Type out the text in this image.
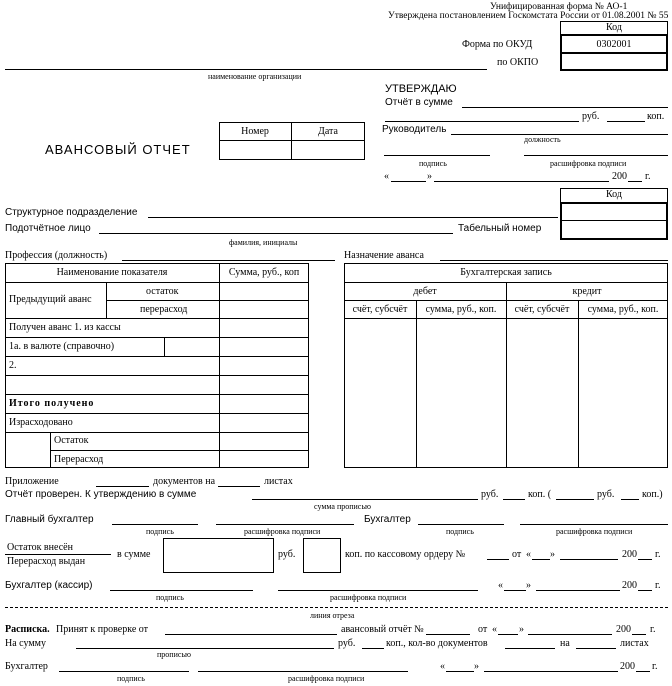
Унифицированная форма № АО-1
Утверждена постановлением Госкомстата России от 01.08.2001 № 55
Код
0302001
Форма по ОКУД
по ОКПО
наименование организации
УТВЕРЖДАЮ
Отчёт в сумме
руб.	коп.
Руководитель
должность
подпись	расшифровка подписи
«	»	200 г.
АВАНСОВЫЙ ОТЧЕТ
Номер	Дата
Код
Структурное подразделение
Подотчётное лицо	Табельный номер
фамилия, инициалы
Профессия (должность)	Назначение аванса
Наименование показателя	Сумма, руб., коп
Предыдущий аванс
остаток
перерасход
Получен аванс 1. из кассы
1а. в валюте (справочно)
2.
Итого получено
Израсходовано
Остаток
Перерасход
Бухгалтерская запись
дебет	кредит
счёт, субсчёт	сумма, руб., коп.	счёт, субсчёт	сумма, руб., коп.
Приложение	документов на	листах
Отчёт проверен. К утверждению в сумме	руб.	коп. (	руб.	коп.)
сумма прописью
Главный бухгалтер	Бухгалтер
подпись	расшифровка подписи	подпись	расшифровка подписи
Остаток внесён
Перерасход выдан
в сумме	руб.	коп. по кассовому ордеру №	от « »	200 г.
Бухгалтер (кассир)	« »	200 г.
подпись	расшифровка подписи
линия отреза
Расписка. Принят к проверке от	авансовый отчёт №	от « »	200 г.
На сумму	руб.	коп., кол-во документов	на	листах
прописью
Бухгалтер	«	»	200 г.
подпись	расшифровка подписи
